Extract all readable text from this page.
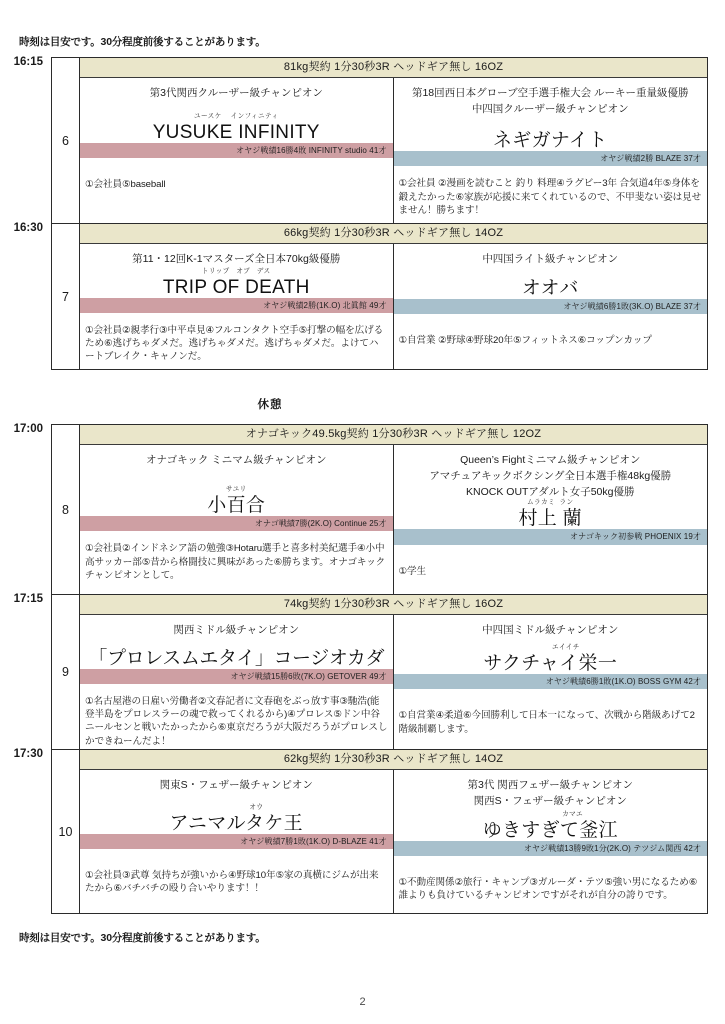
時刻は目安です。30分程度前後することがあります。
休憩
16:15
6
81kg契約 1分30秒3R ヘッドギア無し 16OZ
第3代関西クルーザー級チャンピオン
ユースケ インフィニティ
YUSUKE INFINITY
オヤジ戦績16勝4敗 INFINITY studio 41才
①会社員⑤baseball
第18回西日本グローブ空手選手権大会 ルーキー重量級優勝
中四国クルーザー級チャンピオン

ネギガナイト
オヤジ戦績2勝 BLAZE 37才
①会社員 ②漫画を読むこと 釣り 料理④ラグビー3年 合気道4年⑤身体を鍛えたかった⑥家族が応援に来てくれているので、不甲斐ない姿は見せません！勝ちます！
16:30
7
66kg契約 1分30秒3R ヘッドギア無し 14OZ
第11・12回K-1マスターズ全日本70kg級優勝
トリップ オブ デス
TRIP OF DEATH
オヤジ戦績2勝(1K.O) 北眞館 49才
①会社員②親孝行③中平卓見④フルコンタクト空手⑤打撃の幅を広げるため⑥逃げちゃダメだ。逃げちゃダメだ。逃げちゃダメだ。よけてハートブレイク・キャノンだ。
中四国ライト級チャンピオン

オオバ
オヤジ戦績6勝1敗(3K.O) BLAZE 37才
①自営業 ②野球④野球20年⑤フィットネス⑥コップンカップ
17:00
8
オナゴキック49.5kg契約 1分30秒3R ヘッドギア無し 12OZ
オナゴキック ミニマム級チャンピオン
サユリ
小百合
オナゴ戦績7勝(2K.O) Continue 25才
①会社員②インドネシア語の勉強③Hotaru選手と喜多村美紀選手④小中高サッカー部⑤昔から格闘技に興味があった⑥勝ちます。オナゴキックチャンピオンとして。
Queen’s Fightミニマム級チャンピオン
アマチュアキックボクシング全日本選手権48kg優勝
KNOCK OUTアダルト女子50kg優勝
ムラカミ ラン
村上 蘭
オナゴキック初参戦 PHOENIX 19才
①学生
17:15
9
74kg契約 1分30秒3R ヘッドギア無し 16OZ
関西ミドル級チャンピオン

「プロレスムエタイ」コージオカダ
オヤジ戦績15勝6敗(7K.O) GETOVER 49才
①名古屋港の日雇い労働者②文春記者に文春砲をぶっ放す事③馳浩(能登半島をプロレスラーの魂で救ってくれるから)④プロレス⑤ドン中谷ニールセンと戦いたかったから⑥東京だろうが大阪だろうがプロレスしかできねーんだよ！
中四国ミドル級チャンピオン
エイイチ
サクチャイ栄一
オヤジ戦績6勝1敗(1K.O) BOSS GYM 42才
①自営業④柔道⑥今回勝利して日本一になって、次戦から階級あげて2階級制覇します。
17:30
10
62kg契約 1分30秒3R ヘッドギア無し 14OZ
関東S・フェザー級チャンピオン
オウ
アニマルタケ王
オヤジ戦績7勝1敗(1K.O) D-BLAZE 41才
①会社員③武尊 気持ちが強いから④野球10年⑤家の真横にジムが出来たから⑥バチバチの殴り合いやります！！
第3代 関西フェザー級チャンピオン
関西S・フェザー級チャンピオン
カマエ
ゆきすぎて釜江
オヤジ戦績13勝9敗1分(2K.O) テツジム関西 42才
①不動産関係②旅行・キャンプ③ガルーダ・テツ⑤強い男になるため⑥誰よりも負けているチャンピオンですがそれが自分の誇りです。
時刻は目安です。30分程度前後することがあります。
2
